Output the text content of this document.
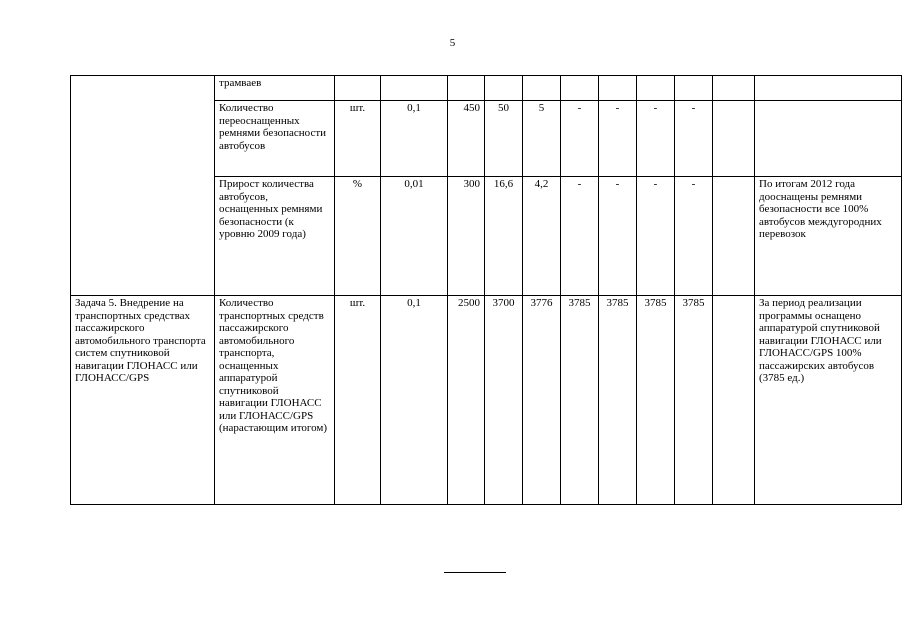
5
	трамваев											
	Количество переоснащенных ремнями безопасности автобусов	шт.	0,1	450	50	5	-	-	-	-		
	Прирост количества автобусов, оснащенных ремнями безопасности (к уровню 2009 года)	%	0,01	300	16,6	4,2	-	-	-	-		По итогам 2012 года дооснащены ремнями безопасности все 100% автобусов междугородних перевозок
Задача 5. Внедрение на транспортных средствах пассажирского автомобильного транспорта систем спутниковой навигации ГЛОНАСС или ГЛОНАСС/GPS	Количество транспортных средств пассажирского автомобильного транспорта, оснащенных аппаратурой спутниковой навигации ГЛОНАСС или ГЛОНАСС/GPS (нарастающим итогом)	шт.	0,1	2500	3700	3776	3785	3785	3785	3785		За период реализации программы оснащено аппаратурой спутниковой навигации ГЛОНАСС или ГЛОНАСС/GPS 100% пассажирских автобусов (3785 ед.)
